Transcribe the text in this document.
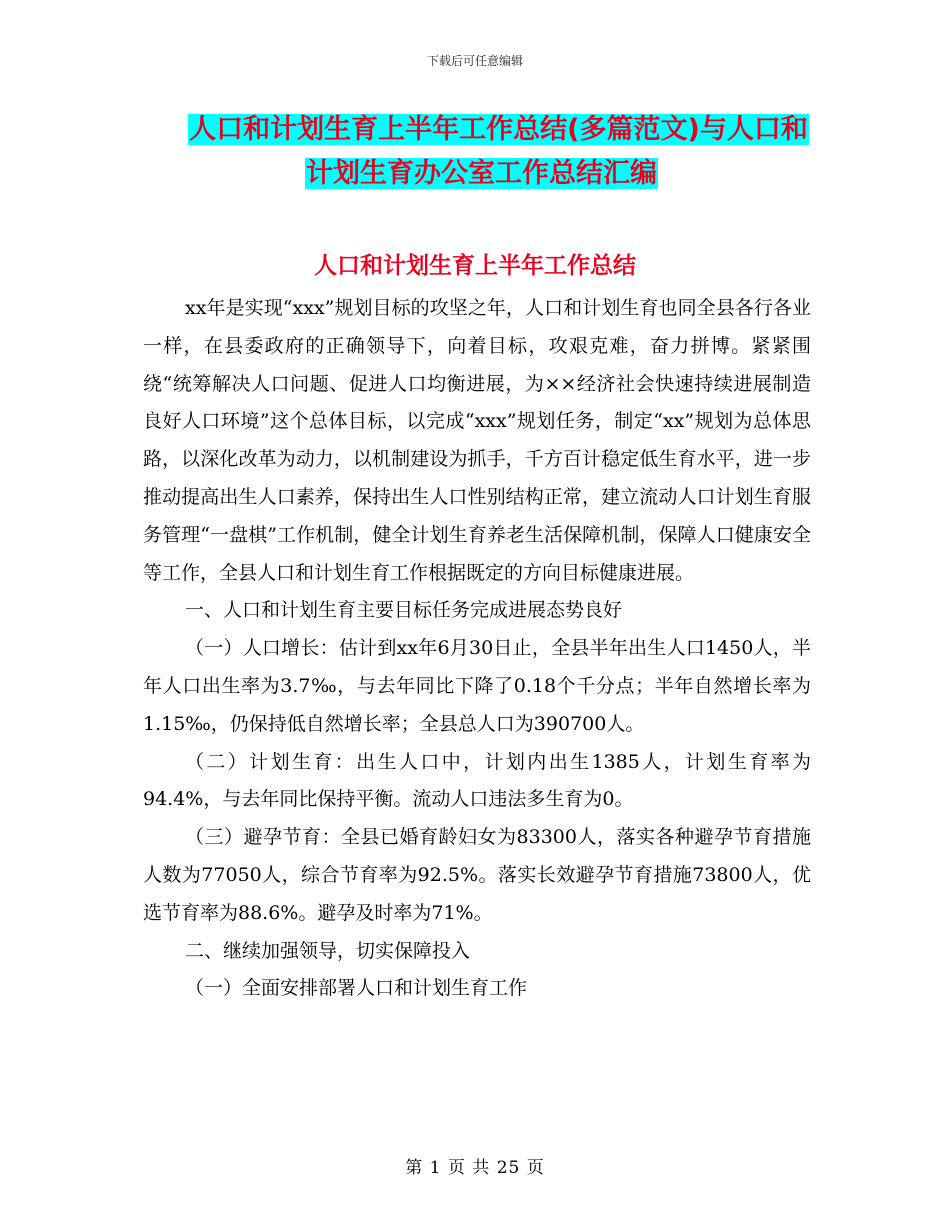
下载后可任意编辑
人口和计划生育上半年工作总结(多篇范文)与人口和
计划生育办公室工作总结汇编
人口和计划生育上半年工作总结

xx年是实现“xxx”规划目标的攻坚之年，人口和计划生育也同全县各行各业一样，在县委政府的正确领导下，向着目标，攻艰克难，奋力拼博。紧紧围绕“统筹解决人口问题、促进人口均衡进展，为××经济社会快速持续进展制造良好人口环境”这个总体目标，以完成“xxx”规划任务，制定“xx”规划为总体思路，以深化改革为动力，以机制建设为抓手，千方百计稳定低生育水平，进一步推动提高出生人口素养，保持出生人口性别结构正常，建立流动人口计划生育服务管理“一盘棋”工作机制，健全计划生育养老生活保障机制，保障人口健康安全等工作，全县人口和计划生育工作根据既定的方向目标健康进展。

一、人口和计划生育主要目标任务完成进展态势良好

（一）人口增长：估计到xx年6月30日止，全县半年出生人口1450人，半年人口出生率为3.7‰，与去年同比下降了0.18个千分点；半年自然增长率为1.15‰，仍保持低自然增长率；全县总人口为390700人。

（二）计划生育：出生人口中，计划内出生1385人，计划生育率为94.4%，与去年同比保持平衡。流动人口违法多生育为0。

（三）避孕节育：全县已婚育龄妇女为83300人，落实各种避孕节育措施人数为77050人，综合节育率为92.5%。落实长效避孕节育措施73800人，优选节育率为88.6%。避孕及时率为71%。

二、继续加强领导，切实保障投入

（一）全面安排部署人口和计划生育工作

第 1 页 共 25 页
